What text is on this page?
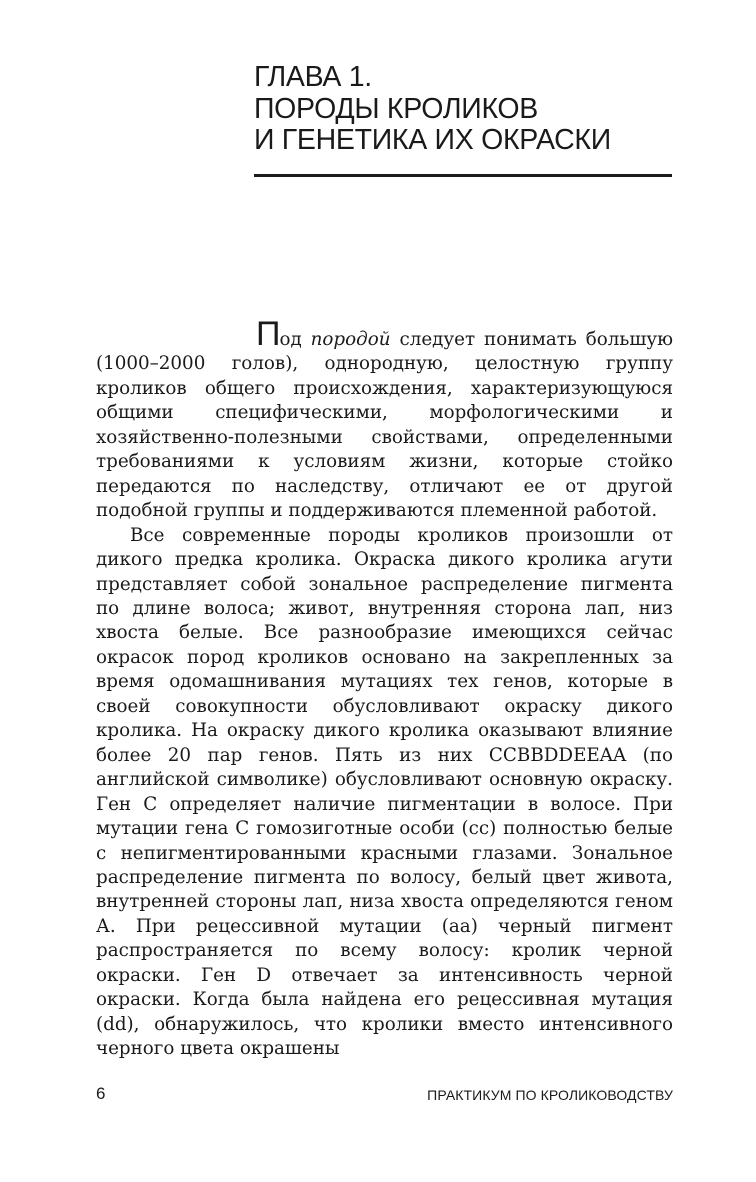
ГЛАВА 1.
ПОРОДЫ КРОЛИКОВ
И ГЕНЕТИКА ИХ ОКРАСКИ

Под породой следует понимать большую (1000–2000 голов), однородную, целостную группу кроликов общего происхождения, характеризующуюся общими специфическими, морфологическими и хозяйственно-полезными свойствами, определенными требованиями к условиям жизни, которые стойко передаются по наследству, отличают ее от другой подобной группы и поддерживаются племенной работой.

Все современные породы кроликов произошли от дикого предка кролика. Окраска дикого кролика агути представляет собой зональное распределение пигмента по длине волоса; живот, внутренняя сторона лап, низ хвоста белые. Все разнообразие имеющихся сейчас окрасок пород кроликов основано на закрепленных за время одомашнивания мутациях тех генов, которые в своей совокупности обусловливают окраску дикого кролика. На окраску дикого кролика оказывают влияние более 20 пар генов. Пять из них CCBBDDEEAA (по английской символике) обусловливают основную окраску. Ген C определяет наличие пигментации в волосе. При мутации гена C гомозиготные особи (cc) полностью белые с непигментированными красными глазами. Зональное распределение пигмента по волосу, белый цвет живота, внутренней стороны лап, низа хвоста определяются геном А. При рецессивной мутации (аа) черный пигмент распространяется по всему волосу: кролик черной окраски. Ген D отвечает за интенсивность черной окраски. Когда была найдена его рецессивная мутация (dd), обнаружилось, что кролики вместо интенсивного черного цвета окрашены

6	ПРАКТИКУМ ПО КРОЛИКОВОДСТВУ
